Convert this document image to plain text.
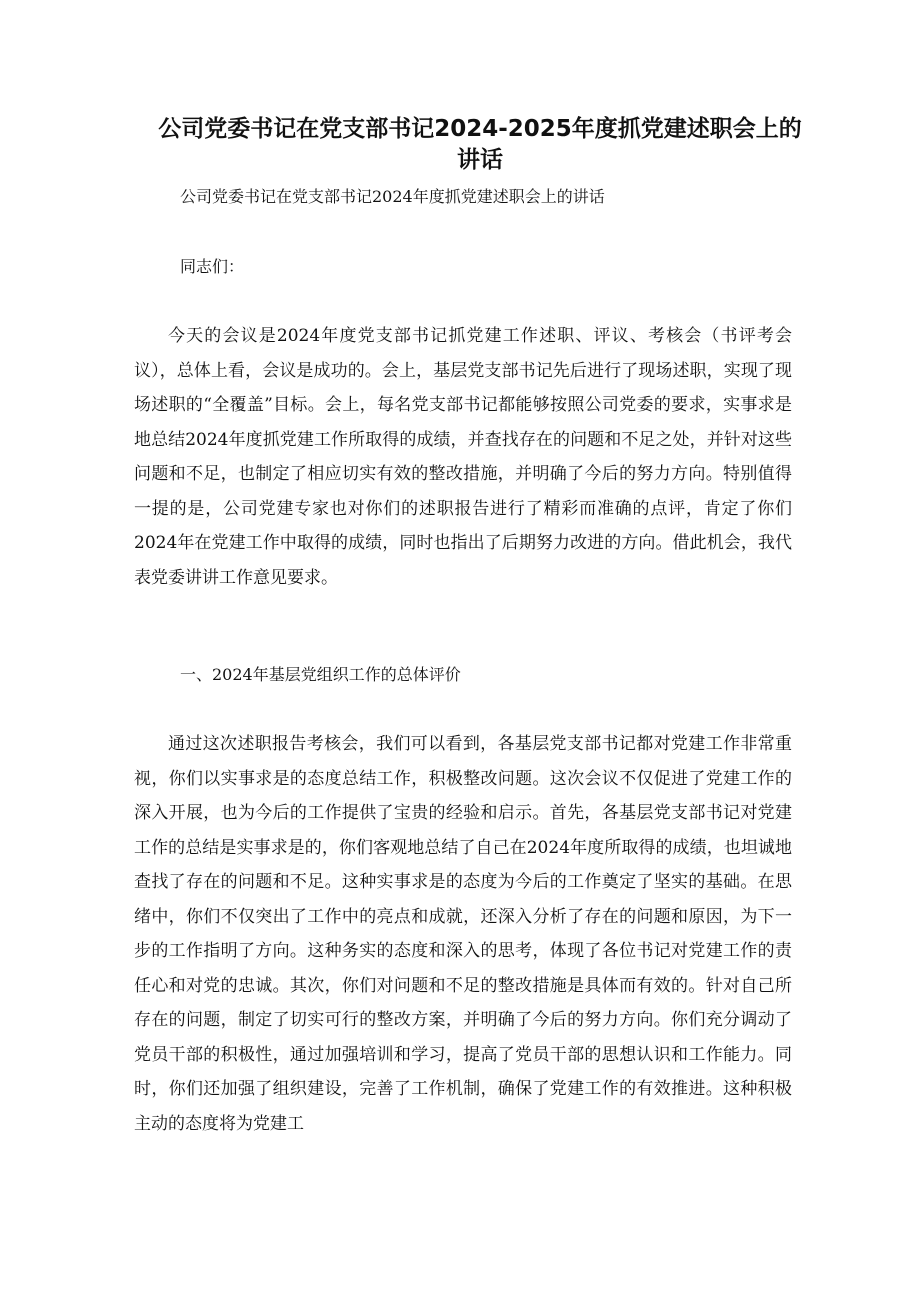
公司党委书记在党支部书记2024-2025年度抓党建述职会上的讲话

公司党委书记在党支部书记2024年度抓党建述职会上的讲话

同志们：

今天的会议是2024年度党支部书记抓党建工作述职、评议、考核会（书评考会议），总体上看，会议是成功的。会上，基层党支部书记先后进行了现场述职，实现了现场述职的“全覆盖”目标。会上，每名党支部书记都能够按照公司党委的要求，实事求是地总结2024年度抓党建工作所取得的成绩，并查找存在的问题和不足之处，并针对这些问题和不足，也制定了相应切实有效的整改措施，并明确了今后的努力方向。特别值得一提的是，公司党建专家也对你们的述职报告进行了精彩而准确的点评，肯定了你们2024年在党建工作中取得的成绩，同时也指出了后期努力改进的方向。借此机会，我代表党委讲讲工作意见要求。

一、2024年基层党组织工作的总体评价

通过这次述职报告考核会，我们可以看到，各基层党支部书记都对党建工作非常重视，你们以实事求是的态度总结工作，积极整改问题。这次会议不仅促进了党建工作的深入开展，也为今后的工作提供了宝贵的经验和启示。首先，各基层党支部书记对党建工作的总结是实事求是的，你们客观地总结了自己在2024年度所取得的成绩，也坦诚地查找了存在的问题和不足。这种实事求是的态度为今后的工作奠定了坚实的基础。在思绪中，你们不仅突出了工作中的亮点和成就，还深入分析了存在的问题和原因，为下一步的工作指明了方向。这种务实的态度和深入的思考，体现了各位书记对党建工作的责任心和对党的忠诚。其次，你们对问题和不足的整改措施是具体而有效的。针对自己所存在的问题，制定了切实可行的整改方案，并明确了今后的努力方向。你们充分调动了党员干部的积极性，通过加强培训和学习，提高了党员干部的思想认识和工作能力。同时，你们还加强了组织建设，完善了工作机制，确保了党建工作的有效推进。这种积极主动的态度将为党建工
